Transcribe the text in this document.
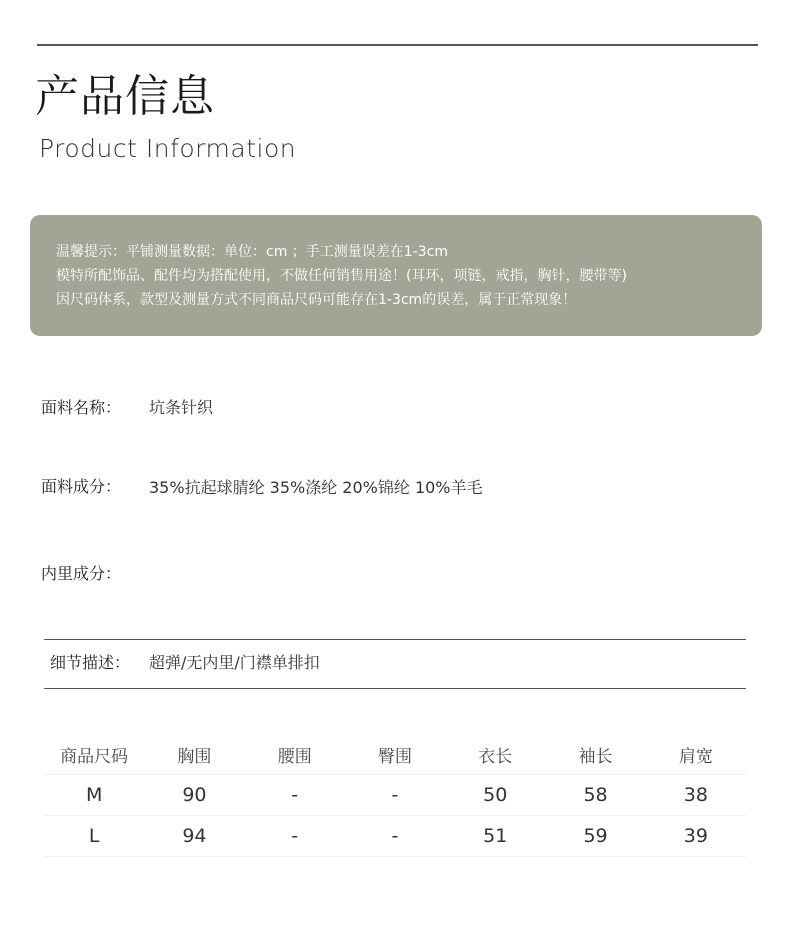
产品信息
Product Information
温馨提示：平铺测量数据：单位：cm ；手工测量误差在1-3cm
模特所配饰品、配件均为搭配使用，不做任何销售用途！(耳环，项链，戒指，胸针，腰带等)
因尺码体系，款型及测量方式不同商品尺码可能存在1-3cm的误差，属于正常现象！
面料名称： 坑条针织
面料成分： 35%抗起球腈纶 35%涤纶 20%锦纶 10%羊毛
内里成分：
细节描述： 超弹/无内里/门襟单排扣
商品尺码	胸围	腰围	臀围	衣长	袖长	肩宽
M	90	-	-	50	58	38
L	94	-	-	51	59	39
